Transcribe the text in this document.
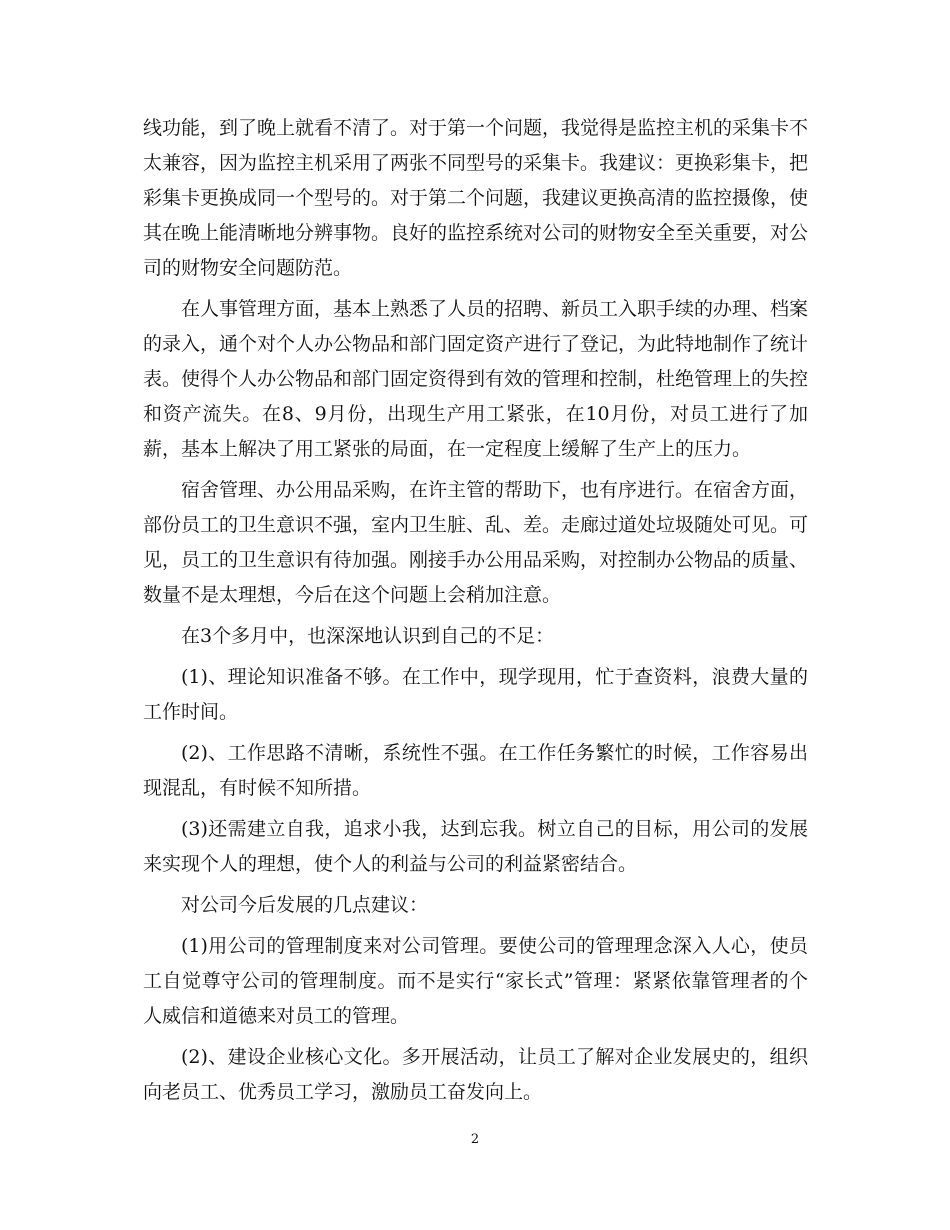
线功能，到了晚上就看不清了。对于第一个问题，我觉得是监控主机的采集卡不太兼容，因为监控主机采用了两张不同型号的采集卡。我建议：更换彩集卡，把彩集卡更换成同一个型号的。对于第二个问题，我建议更换高清的监控摄像，使其在晚上能清晰地分辨事物。良好的监控系统对公司的财物安全至关重要，对公司的财物安全问题防范。

在人事管理方面，基本上熟悉了人员的招聘、新员工入职手续的办理、档案的录入，通个对个人办公物品和部门固定资产进行了登记，为此特地制作了统计表。使得个人办公物品和部门固定资得到有效的管理和控制，杜绝管理上的失控和资产流失。在8、9月份，出现生产用工紧张，在10月份，对员工进行了加薪，基本上解决了用工紧张的局面，在一定程度上缓解了生产上的压力。

宿舍管理、办公用品采购，在许主管的帮助下，也有序进行。在宿舍方面，部份员工的卫生意识不强，室内卫生脏、乱、差。走廊过道处垃圾随处可见。可见，员工的卫生意识有待加强。刚接手办公用品采购，对控制办公物品的质量、数量不是太理想，今后在这个问题上会稍加注意。

在3个多月中，也深深地认识到自己的不足：

(1)、理论知识准备不够。在工作中，现学现用，忙于查资料，浪费大量的工作时间。

(2)、工作思路不清晰，系统性不强。在工作任务繁忙的时候，工作容易出现混乱，有时候不知所措。

(3)还需建立自我，追求小我，达到忘我。树立自己的目标，用公司的发展来实现个人的理想，使个人的利益与公司的利益紧密结合。

对公司今后发展的几点建议：

(1)用公司的管理制度来对公司管理。要使公司的管理理念深入人心，使员工自觉尊守公司的管理制度。而不是实行“家长式”管理：紧紧依靠管理者的个人威信和道德来对员工的管理。

(2)、建设企业核心文化。多开展活动，让员工了解对企业发展史的，组织向老员工、优秀员工学习，激励员工奋发向上。

2
